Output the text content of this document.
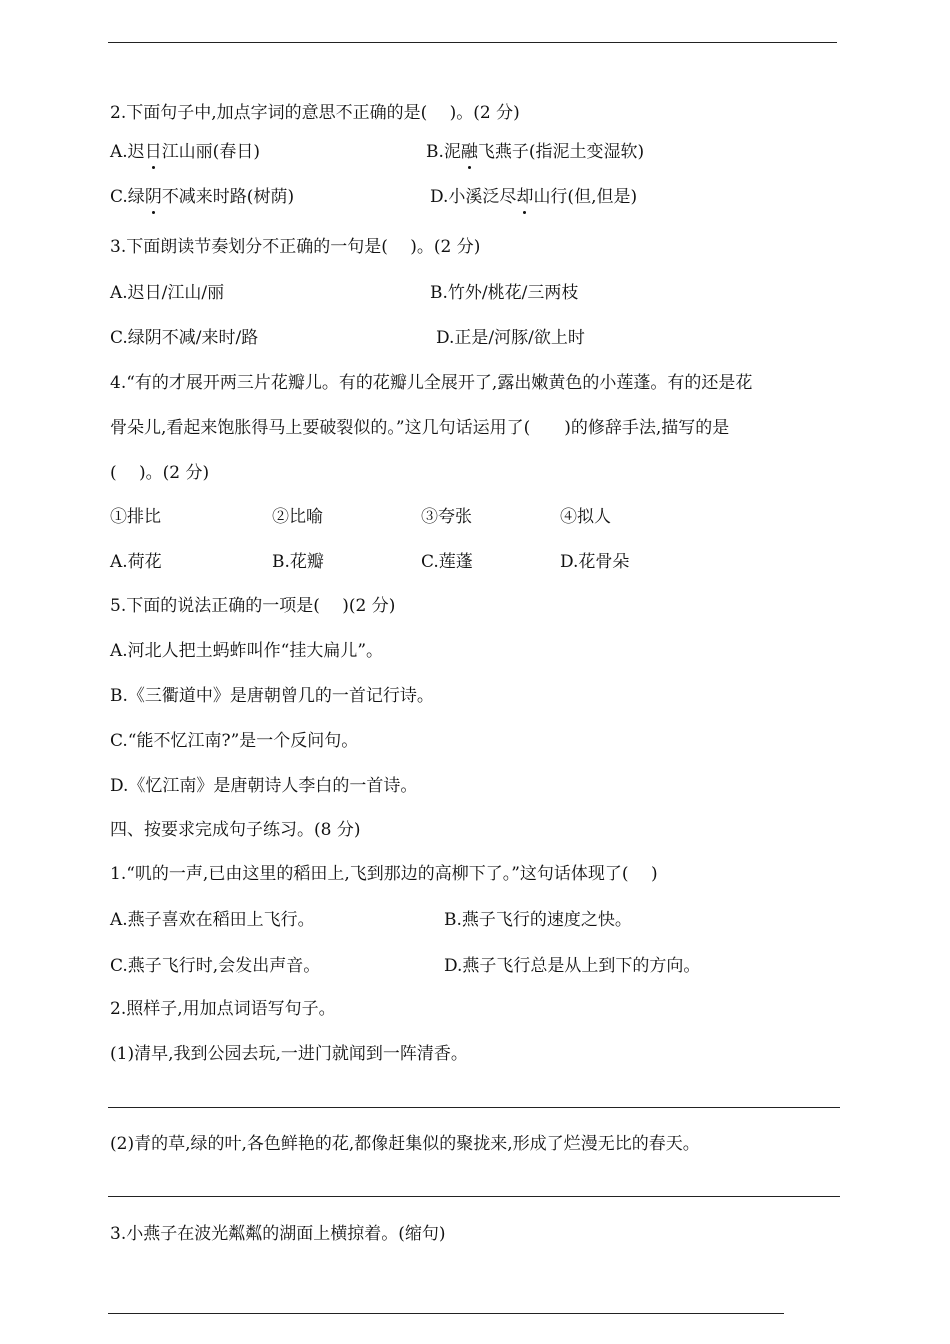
2.下面句子中,加点字词的意思不正确的是(　 )。(2 分)
A.迟日江山丽(春日)	B.泥融飞燕子(指泥土变湿软)
C.绿阴不减来时路(树荫)	D.小溪泛尽却山行(但,但是)
3.下面朗读节奏划分不正确的一句是(　 )。(2 分)
A.迟日/江山/丽	B.竹外/桃花/三两枝
C.绿阴不减/来时/路	D.正是/河豚/欲上时
4.“有的才展开两三片花瓣儿。有的花瓣儿全展开了,露出嫩黄色的小莲蓬。有的还是花
骨朵儿,看起来饱胀得马上要破裂似的。”这几句话运用了(　　)的修辞手法,描写的是
(　 )。(2 分)
①排比	②比喻	③夸张	④拟人
A.荷花	B.花瓣	C.莲蓬	D.花骨朵
5.下面的说法正确的一项是(　 )(2 分)
A.河北人把土蚂蚱叫作“挂大扁儿”。
B.《三衢道中》是唐朝曾几的一首记行诗。
C.“能不忆江南?”是一个反问句。
D.《忆江南》是唐朝诗人李白的一首诗。
四、按要求完成句子练习。(8 分)
1.“叽的一声,已由这里的稻田上,飞到那边的高柳下了。”这句话体现了(　 )
A.燕子喜欢在稻田上飞行。	B.燕子飞行的速度之快。
C.燕子飞行时,会发出声音。	D.燕子飞行总是从上到下的方向。
2.照样子,用加点词语写句子。
(1)清早,我到公园去玩,一进门就闻到一阵清香。
(2)青的草,绿的叶,各色鲜艳的花,都像赶集似的聚拢来,形成了烂漫无比的春天。
3.小燕子在波光粼粼的湖面上横掠着。(缩句)
